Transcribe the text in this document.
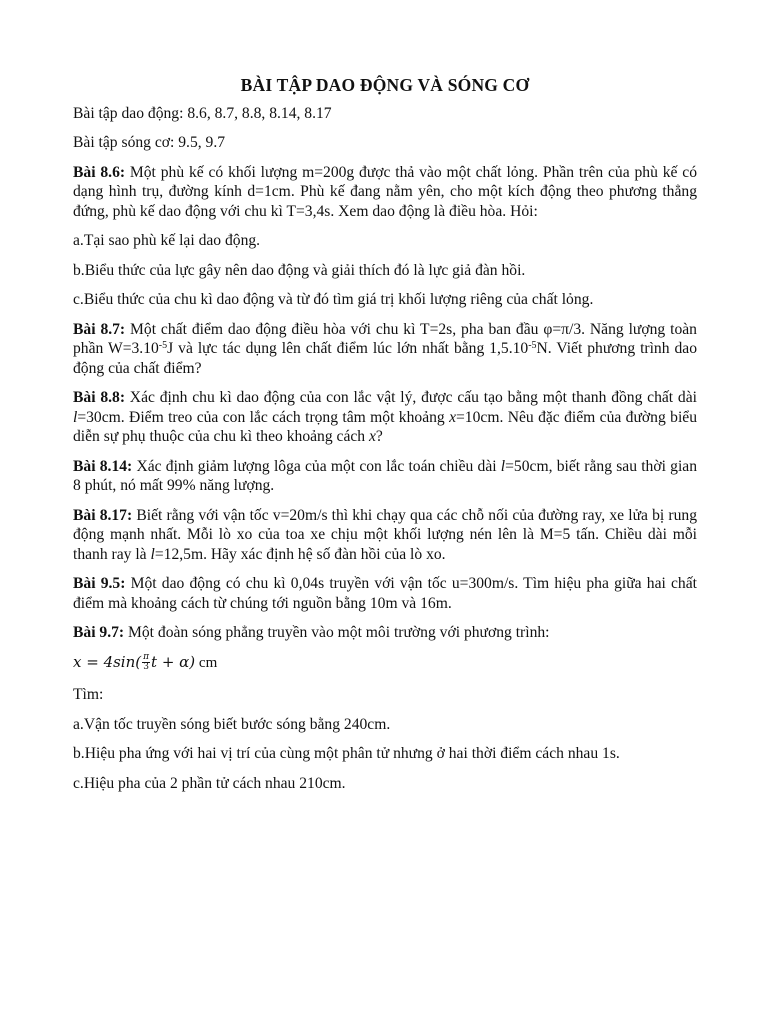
BÀI TẬP DAO ĐỘNG VÀ SÓNG CƠ

Bài tập dao động: 8.6, 8.7, 8.8, 8.14, 8.17

Bài tập sóng cơ: 9.5, 9.7

Bài 8.6: Một phù kế có khối lượng m=200g được thả vào một chất lỏng. Phần trên của phù kế có dạng hình trụ, đường kính d=1cm. Phù kế đang nằm yên, cho một kích động theo phương thẳng đứng, phù kế dao động với chu kì T=3,4s. Xem dao động là điều hòa. Hỏi:

a.Tại sao phù kế lại dao động.

b.Biểu thức của lực gây nên dao động và giải thích đó là lực giả đàn hồi.

c.Biểu thức của chu kì dao động và từ đó tìm giá trị khối lượng riêng của chất lỏng.

Bài 8.7: Một chất điểm dao động điều hòa với chu kì T=2s, pha ban đầu φ=π/3. Năng lượng toàn phần $W=3.10^{-5}J$ và lực tác dụng lên chất điểm lúc lớn nhất bằng $1,5.10^{-5}N$. Viết phương trình dao động của chất điểm?

Bài 8.8: Xác định chu kì dao động của con lắc vật lý, được cấu tạo bằng một thanh đồng chất dài l=30cm. Điểm treo của con lắc cách trọng tâm một khoảng x=10cm. Nêu đặc điểm của đường biểu diễn sự phụ thuộc của chu kì theo khoảng cách x?

Bài 8.14: Xác định giảm lượng lôga của một con lắc toán chiều dài l=50cm, biết rằng sau thời gian 8 phút, nó mất 99% năng lượng.

Bài 8.17: Biết rằng với vận tốc v=20m/s thì khi chạy qua các chỗ nối của đường ray, xe lửa bị rung động mạnh nhất. Mỗi lò xo của toa xe chịu một khối lượng nén lên là M=5 tấn. Chiều dài mỗi thanh ray là l=12,5m. Hãy xác định hệ số đàn hồi của lò xo.

Bài 9.5: Một dao động có chu kì 0,04s truyền với vận tốc u=300m/s. Tìm hiệu pha giữa hai chất điểm mà khoảng cách từ chúng tới nguồn bằng 10m và 16m.

Bài 9.7: Một đoàn sóng phẳng truyền vào một môi trường với phương trình:

$x = 4\sin( \frac{\pi}{3}$ t + α) cm

Tìm:

a.Vận tốc truyền sóng biết bước sóng bằng 240cm.

b.Hiệu pha ứng với hai vị trí của cùng một phân tử nhưng ở hai thời điểm cách nhau 1s.

c.Hiệu pha của 2 phần tử cách nhau 210cm.
